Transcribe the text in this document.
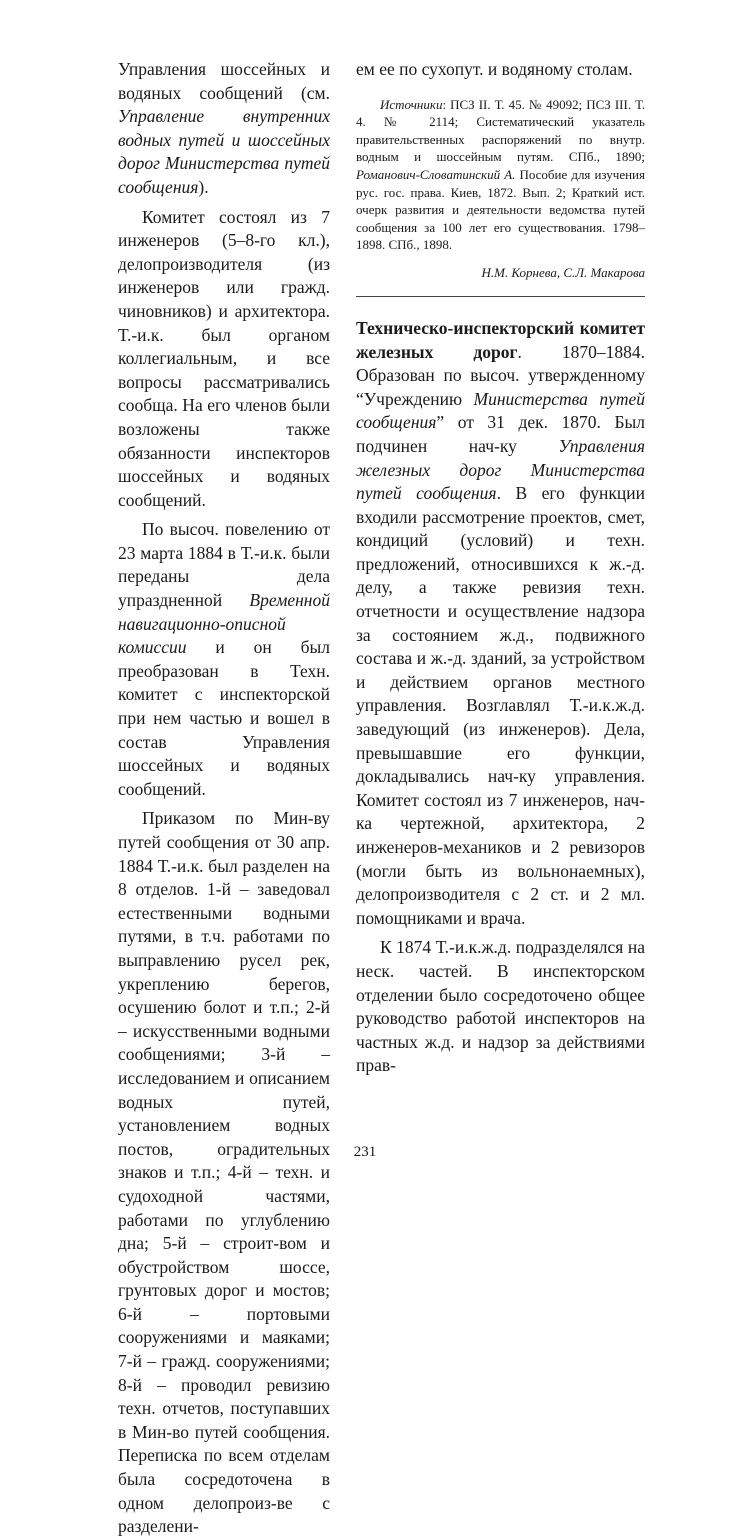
Управления шоссейных и водяных сообщений (см. Управление внутренних водных путей и шоссейных дорог Министерства путей сообщения).

Комитет состоял из 7 инженеров (5–8-го кл.), делопроизводителя (из инженеров или гражд. чиновников) и архитектора. Т.-и.к. был органом коллегиальным, и все вопросы рассматривались сообща. На его членов были возложены также обязанности инспекторов шоссейных и водяных сообщений.

По высоч. повелению от 23 марта 1884 в Т.-и.к. были переданы дела упраздненной Временной навигационно-описной комиссии и он был преобразован в Техн. комитет с инспекторской при нем частью и вошел в состав Управления шоссейных и водяных сообщений.

Приказом по Мин-ву путей сообщения от 30 апр. 1884 Т.-и.к. был разделен на 8 отделов. 1-й – заведовал естественными водными путями, в т.ч. работами по выправлению русел рек, укреплению берегов, осушению болот и т.п.; 2-й – искусственными водными сообщениями; 3-й – исследованием и описанием водных путей, установлением водных постов, оградительных знаков и т.п.; 4-й – техн. и судоходной частями, работами по углублению дна; 5-й – строит-вом и обустройством шоссе, грунтовых дорог и мостов; 6-й – портовыми сооружениями и маяками; 7-й – гражд. сооружениями; 8-й – проводил ревизию техн. отчетов, поступавших в Мин-во путей сообщения. Переписка по всем отделам была сосредоточена в одном делопроиз-ве с разделени-

ем ее по сухопут. и водяному столам.

Источники: ПСЗ II. Т. 45. № 49092; ПСЗ III. Т. 4. № 2114; Систематический указатель правительственных распоряжений по внутр. водным и шоссейным путям. СПб., 1890; Романович-Словатинский А. Пособие для изучения рус. гос. права. Киев, 1872. Вып. 2; Краткий ист. очерк развития и деятельности ведомства путей сообщения за 100 лет его существования. 1798–1898. СПб., 1898.

Н.М. Корнева, С.Л. Макарова

Техническо-инспекторский комитет железных дорог. 1870–1884. Образован по высоч. утвержденному “Учреждению Министерства путей сообщения” от 31 дек. 1870. Был подчинен нач-ку Управления железных дорог Министерства путей сообщения. В его функции входили рассмотрение проектов, смет, кондиций (условий) и техн. предложений, относившихся к ж.-д. делу, а также ревизия техн. отчетности и осуществление надзора за состоянием ж.д., подвижного состава и ж.-д. зданий, за устройством и действием органов местного управления. Возглавлял Т.-и.к.ж.д. заведующий (из инженеров). Дела, превышавшие его функции, докладывались нач-ку управления. Комитет состоял из 7 инженеров, нач-ка чертежной, архитектора, 2 инженеров-механиков и 2 ревизоров (могли быть из вольнонаемных), делопроизводителя с 2 ст. и 2 мл. помощниками и врача.

К 1874 Т.-и.к.ж.д. подразделялся на неск. частей. В инспекторском отделении было сосредоточено общее руководство работой инспекторов на частных ж.д. и надзор за действиями прав-

231
